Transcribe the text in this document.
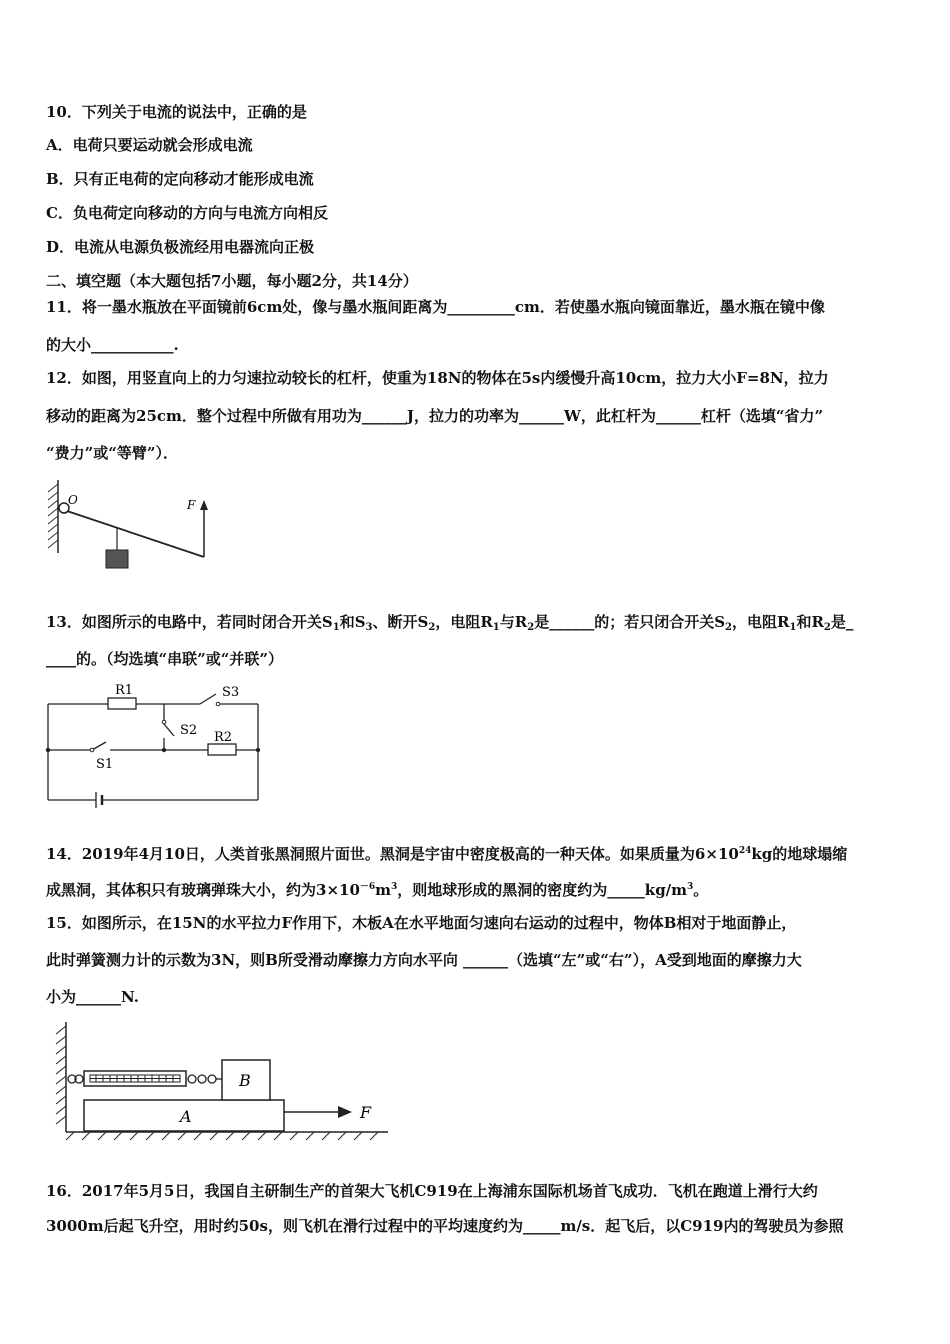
10．下列关于电流的说法中，正确的是
A．电荷只要运动就会形成电流
B．只有正电荷的定向移动才能形成电流
C．负电荷定向移动的方向与电流方向相反
D．电流从电源负极流经用电器流向正极
二、填空题（本大题包括7小题，每小题2分，共14分）
11．将一墨水瓶放在平面镜前6cm处，像与墨水瓶间距离为_________cm．若使墨水瓶向镜面靠近，墨水瓶在镜中像
的大小___________.
12．如图，用竖直向上的力匀速拉动较长的杠杆，使重为18N的物体在5s内缓慢升高10cm，拉力大小F=8N，拉力
移动的距离为25cm．整个过程中所做有用功为______J，拉力的功率为______W，此杠杆为______杠杆（选填“省力”
“费力”或“等臂”）．
O	F
13．如图所示的电路中，若同时闭合开关$S_1$和$S_3$、断开$S_2$，电阻$R_1$与$R_2$是______的；若只闭合开关$S_2$，电阻$R_1$和$R_2$是_
____的。（均选填“串联”或“并联”）
R1
R2
S1
S2
S3
14．2019年4月10日，人类首张黑洞照片面世。黑洞是宇宙中密度极高的一种天体。如果质量为$6\times 10^{24}kg$的地球塌缩
成黑洞，其体积只有玻璃弹珠大小，约为$3\times 10^{-6}m^3$，则地球形成的黑洞的密度约为$\_\_\_\_\_kg/m^3$。
15．如图所示，在15N的水平拉力F作用下，木板A在水平地面匀速向右运动的过程中，物体B相对于地面静止，
此时弹簧测力计的示数为3N，则B所受滑动摩擦力方向水平向 ______（选填“左”或“右”），A受到地面的摩擦力大
小为______N.
A
B
F
16．2017年5月5日，我国自主研制生产的首架大飞机C919在上海浦东国际机场首飞成功．飞机在跑道上滑行大约
3000m后起飞升空，用时约50s，则飞机在滑行过程中的平均速度约为_____m/s．起飞后，以C919内的驾驶员为参照
